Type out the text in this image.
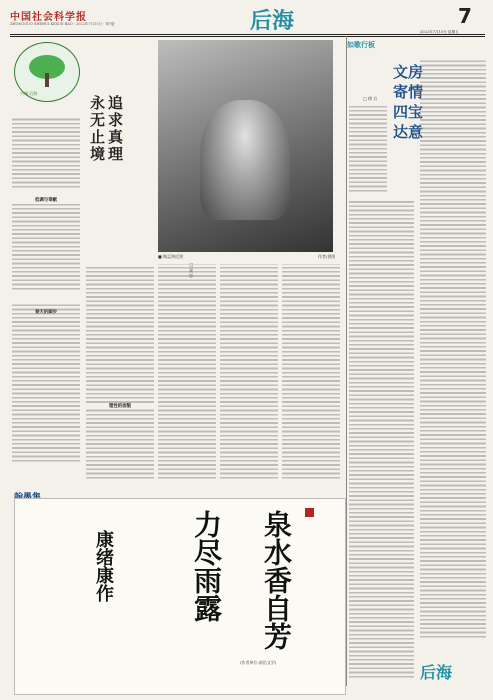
中国社会科学报
ZHONGGUO SHEHUI KEXUE BAO · 2022年7月15日 · 第7版	后海	7
2022年7月15日 星期五
兴城·后海
追求真理
永无止境
□ 梁 思
■ 陶孟和近照	作者/供图
低调与奉献
春天的脚步
理性的面貌
如歌行板
□ 徐 兵
文房
寄情
四宝
达意
力尽雨露 泉水香自芳
康绪康作
(作者单位:前沿文学)
后海
